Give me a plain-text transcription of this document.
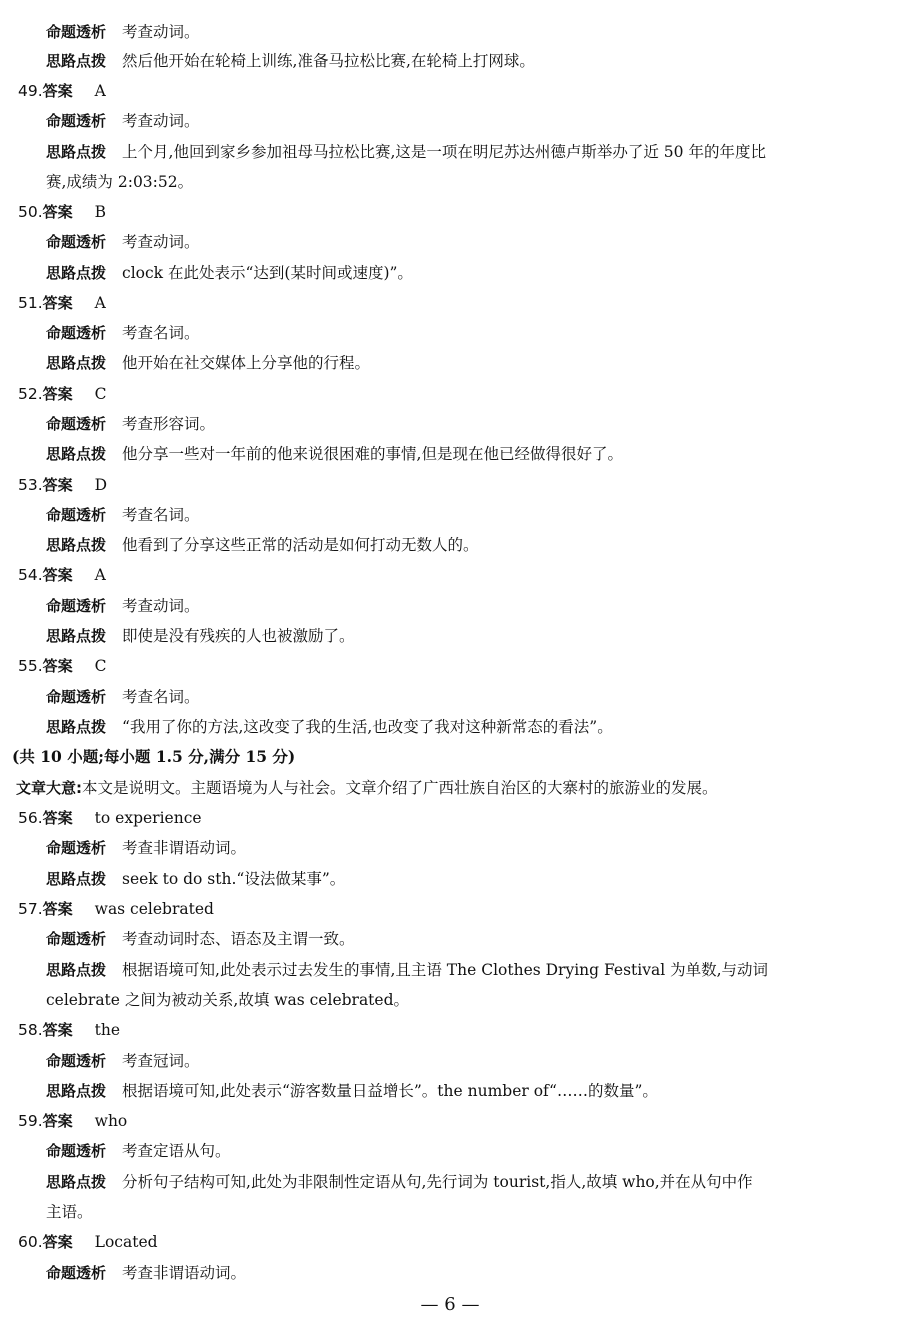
命题透析 考查动词。
思路点拨 然后他开始在轮椅上训练,准备马拉松比赛,在轮椅上打网球。
49.答案 A
命题透析 考查动词。
思路点拨 上个月,他回到家乡参加祖母马拉松比赛,这是一项在明尼苏达州德卢斯举办了近 50 年的年度比
赛,成绩为 2:03:52。
50.答案 B
命题透析 考查动词。
思路点拨 clock 在此处表示“达到(某时间或速度)”。
51.答案 A
命题透析 考查名词。
思路点拨 他开始在社交媒体上分享他的行程。
52.答案 C
命题透析 考查形容词。
思路点拨 他分享一些对一年前的他来说很困难的事情,但是现在他已经做得很好了。
53.答案 D
命题透析 考查名词。
思路点拨 他看到了分享这些正常的活动是如何打动无数人的。
54.答案 A
命题透析 考查动词。
思路点拨 即使是没有残疾的人也被激励了。
55.答案 C
命题透析 考查名词。
思路点拨 “我用了你的方法,这改变了我的生活,也改变了我对这种新常态的看法”。
(共 10 小题;每小题 1.5 分,满分 15 分)
文章大意:本文是说明文。主题语境为人与社会。文章介绍了广西壮族自治区的大寨村的旅游业的发展。
56.答案 to experience
命题透析 考查非谓语动词。
思路点拨 seek to do sth.“设法做某事”。
57.答案 was celebrated
命题透析 考查动词时态、语态及主谓一致。
思路点拨 根据语境可知,此处表示过去发生的事情,且主语 The Clothes Drying Festival 为单数,与动词
celebrate 之间为被动关系,故填 was celebrated。
58.答案 the
命题透析 考查冠词。
思路点拨 根据语境可知,此处表示“游客数量日益增长”。the number of“……的数量”。
59.答案 who
命题透析 考查定语从句。
思路点拨 分析句子结构可知,此处为非限制性定语从句,先行词为 tourist,指人,故填 who,并在从句中作
主语。
60.答案 Located
命题透析 考查非谓语动词。
— 6 —
